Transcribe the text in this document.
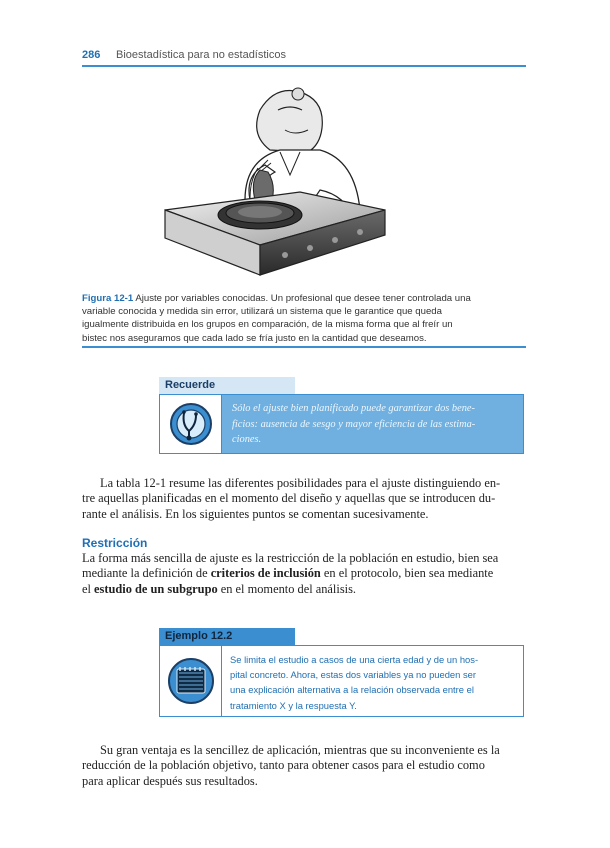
286 Bioestadística para no estadísticos
Figura 12-1 Ajuste por variables conocidas. Un profesional que desee tener controlada una
variable conocida y medida sin error, utilizará un sistema que le garantice que queda
igualmente distribuida en los grupos en comparación, de la misma forma que al freír un
bistec nos aseguramos que cada lado se fría justo en la cantidad que deseamos.
Recuerde
Sólo el ajuste bien planificado puede garantizar dos bene-
ficios: ausencia de sesgo y mayor eficiencia de las estima-
ciones.
La tabla 12-1 resume las diferentes posibilidades para el ajuste distinguiendo en-
tre aquellas planificadas en el momento del diseño y aquellas que se introducen du-
rante el análisis. En los siguientes puntos se comentan sucesivamente.
Restricción
La forma más sencilla de ajuste es la restricción de la población en estudio, bien sea
mediante la definición de criterios de inclusión en el protocolo, bien sea mediante
el estudio de un subgrupo en el momento del análisis.
Ejemplo 12.2
Se limita el estudio a casos de una cierta edad y de un hos-
pital concreto. Ahora, estas dos variables ya no pueden ser
una explicación alternativa a la relación observada entre el
tratamiento X y la respuesta Y.
Su gran ventaja es la sencillez de aplicación, mientras que su inconveniente es la
reducción de la población objetivo, tanto para obtener casos para el estudio como
para aplicar después sus resultados.
